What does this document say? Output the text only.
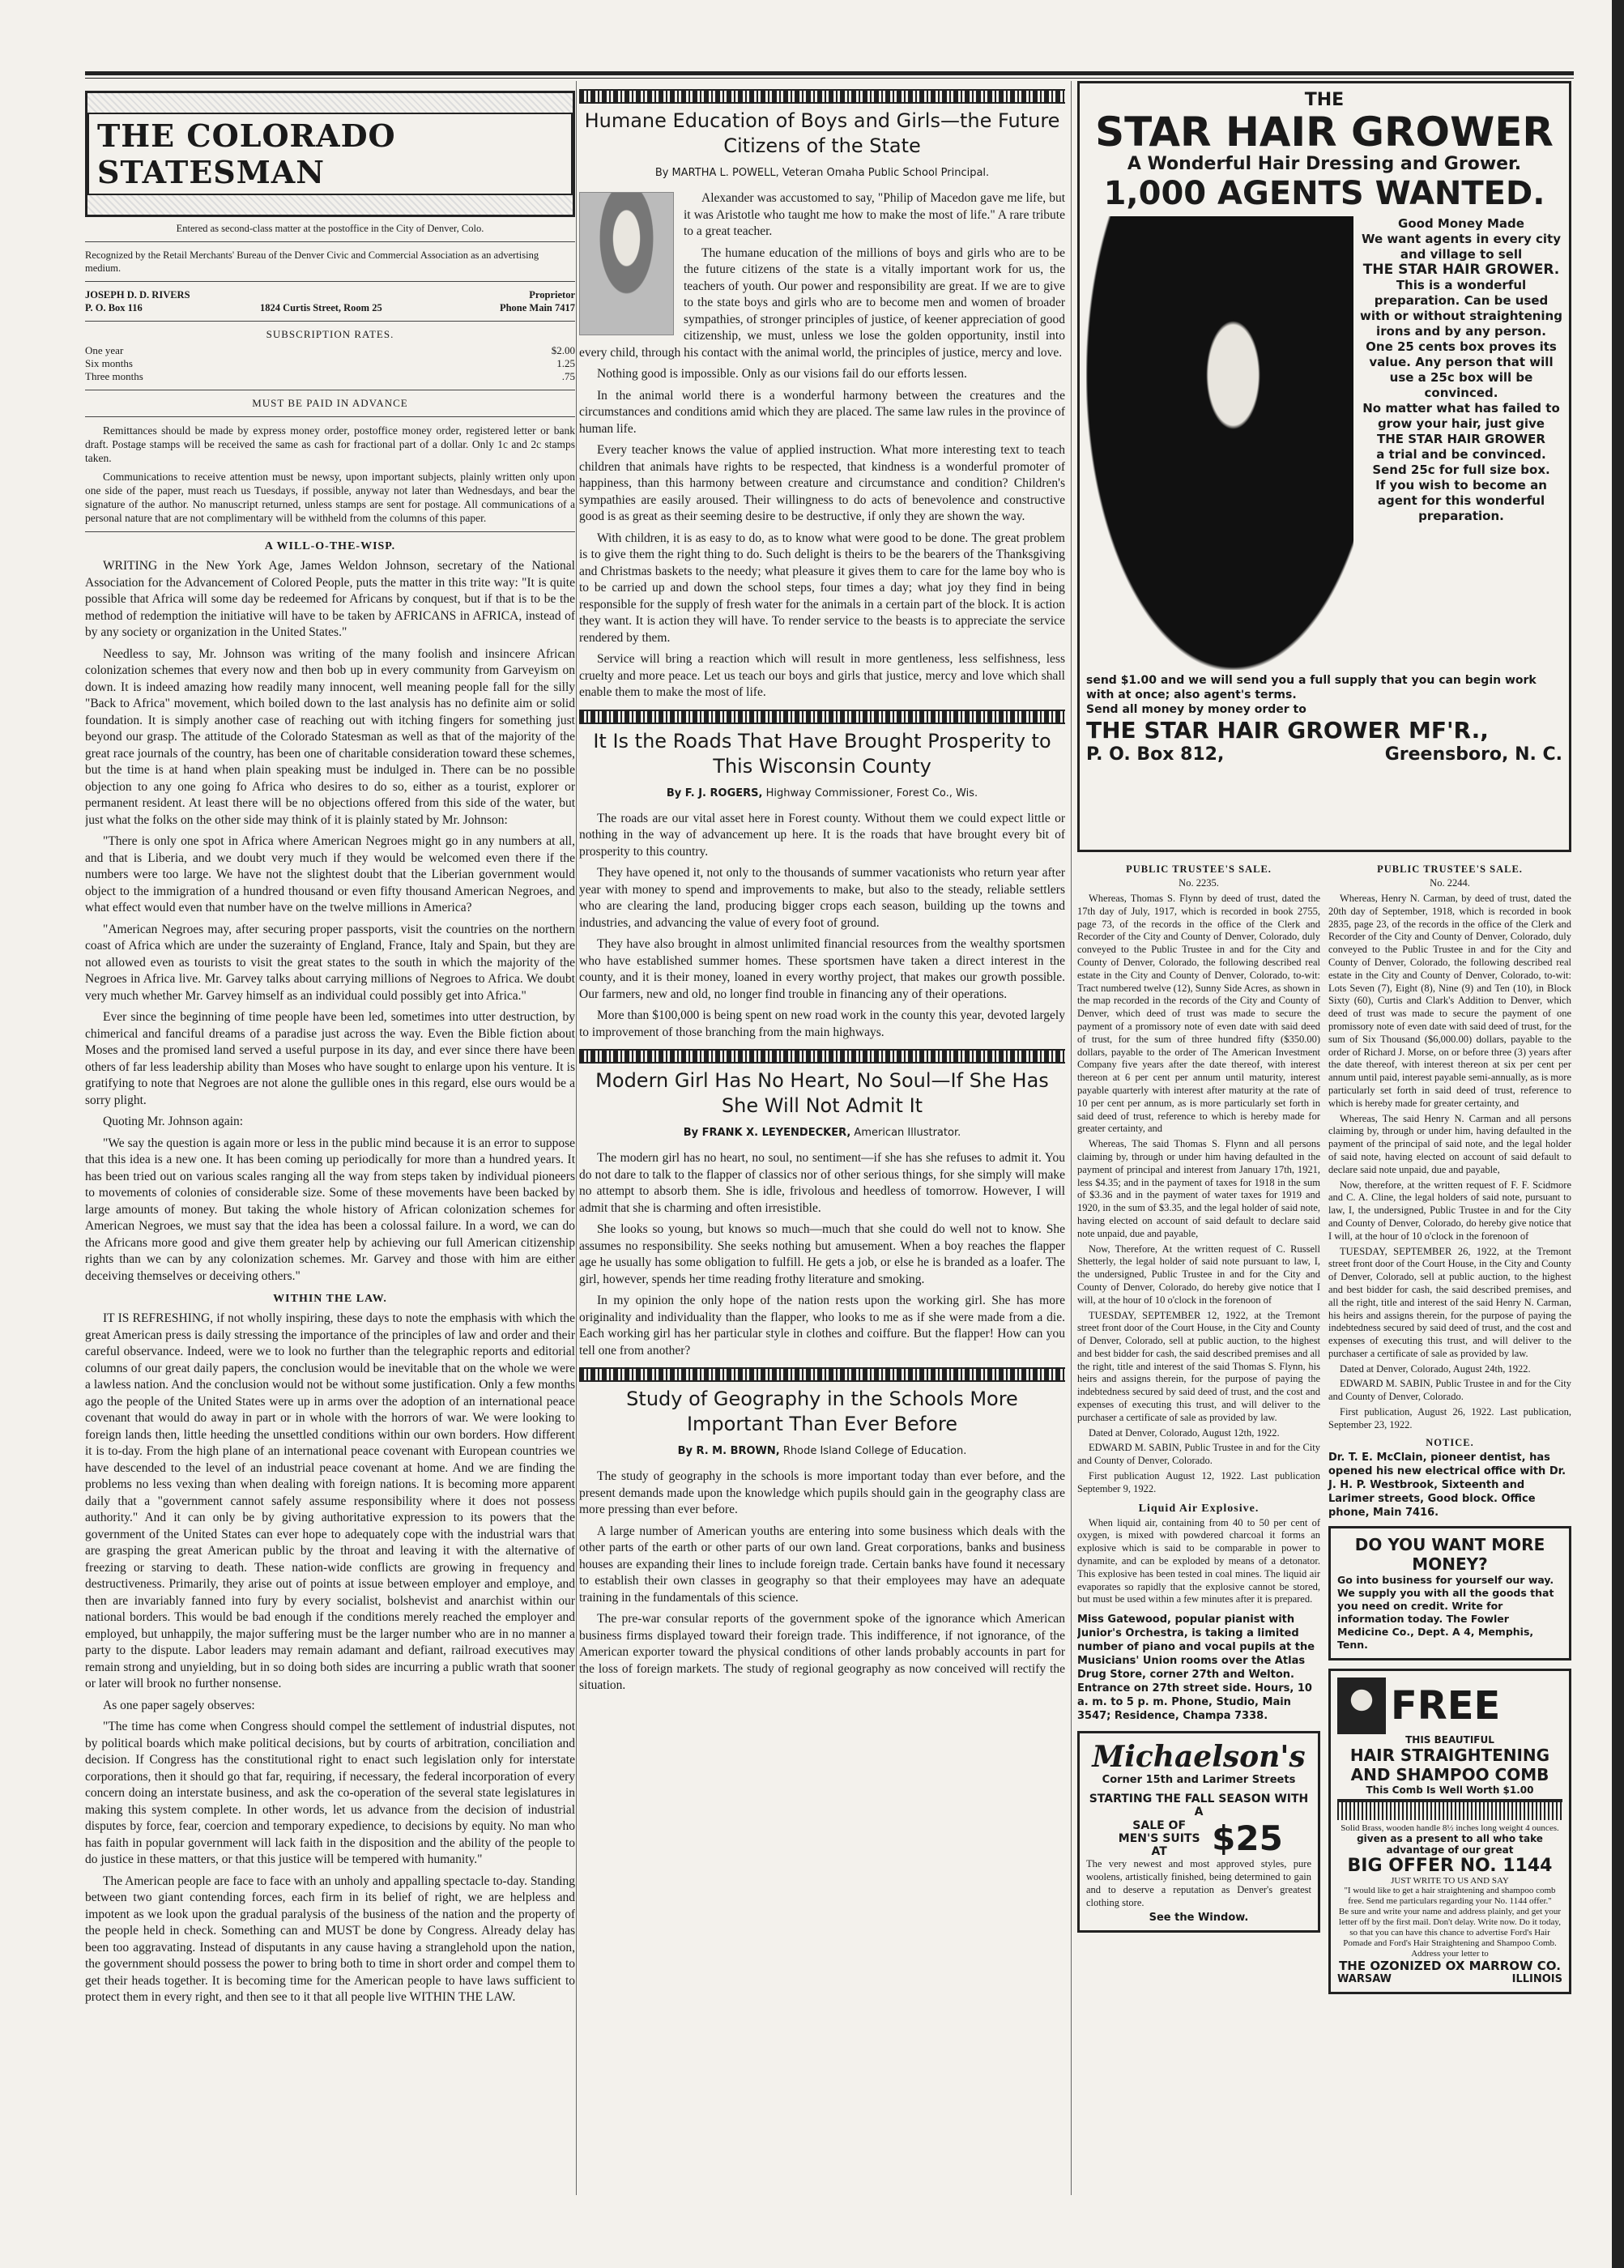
THE COLORADO STATESMAN
Entered as second-class matter at the postoffice in the City of Denver, Colo.
Recognized by the Retail Merchants' Bureau of the Denver Civic and Commercial Association as an advertising medium.
JOSEPH D. D. RIVERS	Proprietor
P. O. Box 116	1824 Curtis Street, Room 25	Phone Main 7417
SUBSCRIPTION RATES.
One year	$2.00
Six months	1.25
Three months	.75
MUST BE PAID IN ADVANCE

Remittances should be made by express money order, postoffice money order, registered letter or bank draft. Postage stamps will be received the same as cash for fractional part of a dollar. Only 1c and 2c stamps taken.

Communications to receive attention must be newsy, upon important subjects, plainly written only upon one side of the paper, must reach us Tuesdays, if possible, anyway not later than Wednesdays, and bear the signature of the author. No manuscript returned, unless stamps are sent for postage. All communications of a personal nature that are not complimentary will be withheld from the columns of this paper.

A WILL-O-THE-WISP.

WRITING in the New York Age, James Weldon Johnson, secretary of the National Association for the Advancement of Colored People, puts the matter in this trite way: "It is quite possible that Africa will some day be redeemed for Africans by conquest, but if that is to be the method of redemption the initiative will have to be taken by AFRICANS in AFRICA, instead of by any society or organization in the United States."

Needless to say, Mr. Johnson was writing of the many foolish and insincere African colonization schemes that every now and then bob up in every community from Garveyism on down. It is indeed amazing how readily many innocent, well meaning people fall for the silly "Back to Africa" movement, which boiled down to the last analysis has no definite aim or solid foundation. It is simply another case of reaching out with itching fingers for something just beyond our grasp. The attitude of the Colorado Statesman as well as that of the majority of the great race journals of the country, has been one of charitable consideration toward these schemes, but the time is at hand when plain speaking must be indulged in. There can be no possible objection to any one going fo Africa who desires to do so, either as a tourist, explorer or permanent resident. At least there will be no objections offered from this side of the water, but just what the folks on the other side may think of it is plainly stated by Mr. Johnson:

"There is only one spot in Africa where American Negroes might go in any numbers at all, and that is Liberia, and we doubt very much if they would be welcomed even there if the numbers were too large. We have not the slightest doubt that the Liberian government would object to the immigration of a hundred thousand or even fifty thousand American Negroes, and what effect would even that number have on the twelve millions in America?

"American Negroes may, after securing proper passports, visit the countries on the northern coast of Africa which are under the suzerainty of England, France, Italy and Spain, but they are not allowed even as tourists to visit the great states to the south in which the majority of the Negroes in Africa live. Mr. Garvey talks about carrying millions of Negroes to Africa. We doubt very much whether Mr. Garvey himself as an individual could possibly get into Africa."

Ever since the beginning of time people have been led, sometimes into utter destruction, by chimerical and fanciful dreams of a paradise just across the way. Even the Bible fiction about Moses and the promised land served a useful purpose in its day, and ever since there have been others of far less leadership ability than Moses who have sought to enlarge upon his venture. It is gratifying to note that Negroes are not alone the gullible ones in this regard, else ours would be a sorry plight.

Quoting Mr. Johnson again:

"We say the question is again more or less in the public mind because it is an error to suppose that this idea is a new one. It has been coming up periodically for more than a hundred years. It has been tried out on various scales ranging all the way from steps taken by individual pioneers to movements of colonies of considerable size. Some of these movements have been backed by large amounts of money. But taking the whole history of African colonization schemes for American Negroes, we must say that the idea has been a colossal failure. In a word, we can do the Africans more good and give them greater help by achieving our full American citizenship rights than we can by any colonization schemes. Mr. Garvey and those with him are either deceiving themselves or deceiving others."

WITHIN THE LAW.

IT IS REFRESHING, if not wholly inspiring, these days to note the emphasis with which the great American press is daily stressing the importance of the principles of law and order and their careful observance. Indeed, were we to look no further than the telegraphic reports and editorial columns of our great daily papers, the conclusion would be inevitable that on the whole we were a lawless nation. And the conclusion would not be without some justification. Only a few months ago the people of the United States were up in arms over the adoption of an international peace covenant that would do away in part or in whole with the horrors of war. We were looking to foreign lands then, little heeding the unsettled conditions within our own borders. How different it is to-day. From the high plane of an international peace covenant with European countries we have descended to the level of an industrial peace covenant at home. And we are finding the problems no less vexing than when dealing with foreign nations. It is becoming more apparent daily that a "government cannot safely assume responsibility where it does not possess authority." And it can only be by giving authoritative expression to its powers that the government of the United States can ever hope to adequately cope with the industrial wars that are grasping the great American public by the throat and leaving it with the alternative of freezing or starving to death. These nation-wide conflicts are growing in frequency and destructiveness. Primarily, they arise out of points at issue between employer and employe, and then are invariably fanned into fury by every socialist, bolshevist and anarchist within our national borders. This would be bad enough if the conditions merely reached the employer and employed, but unhappily, the major suffering must be the larger number who are in no manner a party to the dispute. Labor leaders may remain adamant and defiant, railroad executives may remain strong and unyielding, but in so doing both sides are incurring a public wrath that sooner or later will brook no further nonsense.

As one paper sagely observes:

"The time has come when Congress should compel the settlement of industrial disputes, not by political boards which make political decisions, but by courts of arbitration, conciliation and decision. If Congress has the constitutional right to enact such legislation only for interstate corporations, then it should go that far, requiring, if necessary, the federal incorporation of every concern doing an interstate business, and ask the co-operation of the several state legislatures in making this system complete. In other words, let us advance from the decision of industrial disputes by force, fear, coercion and temporary expedience, to decisions by equity. No man who has faith in popular government will lack faith in the disposition and the ability of the people to do justice in these matters, or that this justice will be tempered with humanity."

The American people are face to face with an unholy and appalling spectacle to-day. Standing between two giant contending forces, each firm in its belief of right, we are helpless and impotent as we look upon the gradual paralysis of the business of the nation and the property of the people held in check. Something can and MUST be done by Congress. Already delay has been too aggravating. Instead of disputants in any cause having a stranglehold upon the nation, the government should possess the power to bring both to time in short order and compel them to get their heads together. It is becoming time for the American people to have laws sufficient to protect them in every right, and then see to it that all people live WITHIN THE LAW.

Humane Education of Boys and Girls—the Future Citizens of the State
By MARTHA L. POWELL, Veteran Omaha Public School Principal.

Alexander was accustomed to say, "Philip of Macedon gave me life, but it was Aristotle who taught me how to make the most of life." A rare tribute to a great teacher.

The humane education of the millions of boys and girls who are to be the future citizens of the state is a vitally important work for us, the teachers of youth. Our power and responsibility are great. If we are to give to the state boys and girls who are to become men and women of broader sympathies, of stronger principles of justice, of keener appreciation of good citizenship, we must, unless we lose the golden opportunity, instil into every child, through his contact with the animal world, the principles of justice, mercy and love.

Nothing good is impossible. Only as our visions fail do our efforts lessen.

In the animal world there is a wonderful harmony between the creatures and the circumstances and conditions amid which they are placed. The same law rules in the province of human life.

Every teacher knows the value of applied instruction. What more interesting text to teach children that animals have rights to be respected, that kindness is a wonderful promoter of happiness, than this harmony between creature and circumstance and condition? Children's sympathies are easily aroused. Their willingness to do acts of benevolence and constructive good is as great as their seeming desire to be destructive, if only they are shown the way.

With children, it is as easy to do, as to know what were good to be done. The great problem is to give them the right thing to do. Such delight is theirs to be the bearers of the Thanksgiving and Christmas baskets to the needy; what pleasure it gives them to care for the lame boy who is to be carried up and down the school steps, four times a day; what joy they find in being responsible for the supply of fresh water for the animals in a certain part of the block. It is action they want. It is action they will have. To render service to the beasts is to appreciate the service rendered by them.

Service will bring a reaction which will result in more gentleness, less selfishness, less cruelty and more peace. Let us teach our boys and girls that justice, mercy and love which shall enable them to make the most of life.

It Is the Roads That Have Brought Prosperity to This Wisconsin County
By F. J. ROGERS, Highway Commissioner, Forest Co., Wis.

The roads are our vital asset here in Forest county. Without them we could expect little or nothing in the way of advancement up here. It is the roads that have brought every bit of prosperity to this country.

They have opened it, not only to the thousands of summer vacationists who return year after year with money to spend and improvements to make, but also to the steady, reliable settlers who are clearing the land, producing bigger crops each season, building up the towns and industries, and advancing the value of every foot of ground.

They have also brought in almost unlimited financial resources from the wealthy sportsmen who have established summer homes. These sportsmen have taken a direct interest in the county, and it is their money, loaned in every worthy project, that makes our growth possible. Our farmers, new and old, no longer find trouble in financing any of their operations.

More than $100,000 is being spent on new road work in the county this year, devoted largely to improvement of those branching from the main highways.

Modern Girl Has No Heart, No Soul—If She Has She Will Not Admit It
By FRANK X. LEYENDECKER, American Illustrator.

The modern girl has no heart, no soul, no sentiment—if she has she refuses to admit it. You do not dare to talk to the flapper of classics nor of other serious things, for she simply will make no attempt to absorb them. She is idle, frivolous and heedless of tomorrow. However, I will admit that she is charming and often irresistible.

She looks so young, but knows so much—much that she could do well not to know. She assumes no responsibility. She seeks nothing but amusement. When a boy reaches the flapper age he usually has some obligation to fulfill. He gets a job, or else he is branded as a loafer. The girl, however, spends her time reading frothy literature and smoking.

In my opinion the only hope of the nation rests upon the working girl. She has more originality and individuality than the flapper, who looks to me as if she were made from a die. Each working girl has her particular style in clothes and coiffure. But the flapper! How can you tell one from another?

Study of Geography in the Schools More Important Than Ever Before
By R. M. BROWN, Rhode Island College of Education.

The study of geography in the schools is more important today than ever before, and the present demands made upon the knowledge which pupils should gain in the geography class are more pressing than ever before.

A large number of American youths are entering into some business which deals with the other parts of the earth or other parts of our own land. Great corporations, banks and business houses are expanding their lines to include foreign trade. Certain banks have found it necessary to establish their own classes in geography so that their employees may have an adequate training in the fundamentals of this science.

The pre-war consular reports of the government spoke of the ignorance which American business firms displayed toward their foreign trade. This indifference, if not ignorance, of the American exporter toward the physical conditions of other lands probably accounts in part for the loss of foreign markets. The study of regional geography as now conceived will rectify the situation.

THE
STAR HAIR GROWER
A Wonderful Hair Dressing and Grower.
1,000 AGENTS WANTED.
Good Money Made
We want agents in every city and village to sell
THE STAR HAIR GROWER.
This is a wonderful preparation. Can be used with or without straightening irons and by any person.
One 25 cents box proves its value. Any person that will use a 25c box will be convinced.
No matter what has failed to grow your hair, just give
THE STAR HAIR GROWER
a trial and be convinced.
Send 25c for full size box.
If you wish to become an agent for this wonderful preparation.
send $1.00 and we will send you a full supply that you can begin work with at once; also agent's terms.
Send all money by money order to
THE STAR HAIR GROWER MF'R.,
P. O. Box 812,	Greensboro, N. C.
PUBLIC TRUSTEE'S SALE.
No. 2235.

Whereas, Thomas S. Flynn by deed of trust, dated the 17th day of July, 1917, which is recorded in book 2755, page 73, of the records in the office of the Clerk and Recorder of the City and County of Denver, Colorado, duly conveyed to the Public Trustee in and for the City and County of Denver, Colorado, the following described real estate in the City and County of Denver, Colorado, to-wit: Tract numbered twelve (12), Sunny Side Acres, as shown in the map recorded in the records of the City and County of Denver, which deed of trust was made to secure the payment of a promissory note of even date with said deed of trust, for the sum of three hundred fifty ($350.00) dollars, payable to the order of The American Investment Company five years after the date thereof, with interest thereon at 6 per cent per annum until maturity, interest payable quarterly with interest after maturity at the rate of 10 per cent per annum, as is more particularly set forth in said deed of trust, reference to which is hereby made for greater certainty, and

Whereas, The said Thomas S. Flynn and all persons claiming by, through or under him having defaulted in the payment of principal and interest from January 17th, 1921, less $4.35; and in the payment of taxes for 1918 in the sum of $3.36 and in the payment of water taxes for 1919 and 1920, in the sum of $3.35, and the legal holder of said note, having elected on account of said default to declare said note unpaid, due and payable,

Now, Therefore, At the written request of C. Russell Shetterly, the legal holder of said note pursuant to law, I, the undersigned, Public Trustee in and for the City and County of Denver, Colorado, do hereby give notice that I will, at the hour of 10 o'clock in the forenoon of

TUESDAY, SEPTEMBER 12, 1922, at the Tremont street front door of the Court House, in the City and County of Denver, Colorado, sell at public auction, to the highest and best bidder for cash, the said described premises and all the right, title and interest of the said Thomas S. Flynn, his heirs and assigns therein, for the purpose of paying the indebtedness secured by said deed of trust, and the cost and expenses of executing this trust, and will deliver to the purchaser a certificate of sale as provided by law.

Dated at Denver, Colorado, August 12th, 1922.

EDWARD M. SABIN, Public Trustee in and for the City and County of Denver, Colorado.

First publication August 12, 1922. Last publication September 9, 1922.

Liquid Air Explosive.

When liquid air, containing from 40 to 50 per cent of oxygen, is mixed with powdered charcoal it forms an explosive which is said to be comparable in power to dynamite, and can be exploded by means of a detonator. This explosive has been tested in coal mines. The liquid air evaporates so rapidly that the explosive cannot be stored, but must be used within a few minutes after it is prepared.

Miss Gatewood, popular pianist with Junior's Orchestra, is taking a limited number of piano and vocal pupils at the Musicians' Union rooms over the Atlas Drug Store, corner 27th and Welton. Entrance on 27th street side. Hours, 10 a. m. to 5 p. m. Phone, Studio, Main 3547; Residence, Champa 7338.
Michaelson's
Corner 15th and Larimer Streets
STARTING THE FALL SEASON WITH A
SALE OF MEN'S SUITS AT	$25

The very newest and most approved styles, pure woolens, artistically finished, being determined to gain and to deserve a reputation as Denver's greatest clothing store.

See the Window.
PUBLIC TRUSTEE'S SALE.
No. 2244.

Whereas, Henry N. Carman, by deed of trust, dated the 20th day of September, 1918, which is recorded in book 2835, page 23, of the records in the office of the Clerk and Recorder of the City and County of Denver, Colorado, duly conveyed to the Public Trustee in and for the City and County of Denver, Colorado, the following described real estate in the City and County of Denver, Colorado, to-wit: Lots Seven (7), Eight (8), Nine (9) and Ten (10), in Block Sixty (60), Curtis and Clark's Addition to Denver, which deed of trust was made to secure the payment of one promissory note of even date with said deed of trust, for the sum of Six Thousand ($6,000.00) dollars, payable to the order of Richard J. Morse, on or before three (3) years after the date thereof, with interest thereon at six per cent per annum until paid, interest payable semi-annually, as is more particularly set forth in said deed of trust, reference to which is hereby made for greater certainty, and

Whereas, The said Henry N. Carman and all persons claiming by, through or under him, having defaulted in the payment of the principal of said note, and the legal holder of said note, having elected on account of said default to declare said note unpaid, due and payable,

Now, therefore, at the written request of F. F. Scidmore and C. A. Cline, the legal holders of said note, pursuant to law, I, the undersigned, Public Trustee in and for the City and County of Denver, Colorado, do hereby give notice that I will, at the hour of 10 o'clock in the forenoon of

TUESDAY, SEPTEMBER 26, 1922, at the Tremont street front door of the Court House, in the City and County of Denver, Colorado, sell at public auction, to the highest and best bidder for cash, the said described premises, and all the right, title and interest of the said Henry N. Carman, his heirs and assigns therein, for the purpose of paying the indebtedness secured by said deed of trust, and the cost and expenses of executing this trust, and will deliver to the purchaser a certificate of sale as provided by law.

Dated at Denver, Colorado, August 24th, 1922.

EDWARD M. SABIN, Public Trustee in and for the City and County of Denver, Colorado.

First publication, August 26, 1922. Last publication, September 23, 1922.

NOTICE.
Dr. T. E. McClain, pioneer dentist, has opened his new electrical office with Dr. J. H. P. Westbrook, Sixteenth and Larimer streets, Good block. Office phone, Main 7416.
DO YOU WANT MORE MONEY?
Go into business for yourself our way. We supply you with all the goods that you need on credit. Write for information today. The Fowler Medicine Co., Dept. A 4, Memphis, Tenn.
FREE
THIS BEAUTIFUL
HAIR STRAIGHTENING
AND SHAMPOO COMB
This Comb Is Well Worth $1.00
Solid Brass, wooden handle 8½ inches long weight 4 ounces.
given as a present to all who take advantage of our great
BIG OFFER NO. 1144
JUST WRITE TO US AND SAY
"I would like to get a hair straightening and shampoo comb free. Send me particulars regarding your No. 1144 offer."
Be sure and write your name and address plainly, and get your letter off by the first mail. Don't delay. Write now. Do it today, so that you can have this chance to advertise Ford's Hair Pomade and Ford's Hair Straightening and Shampoo Comb.
Address your letter to
THE OZONIZED OX MARROW CO.
WARSAW	ILLINOIS
